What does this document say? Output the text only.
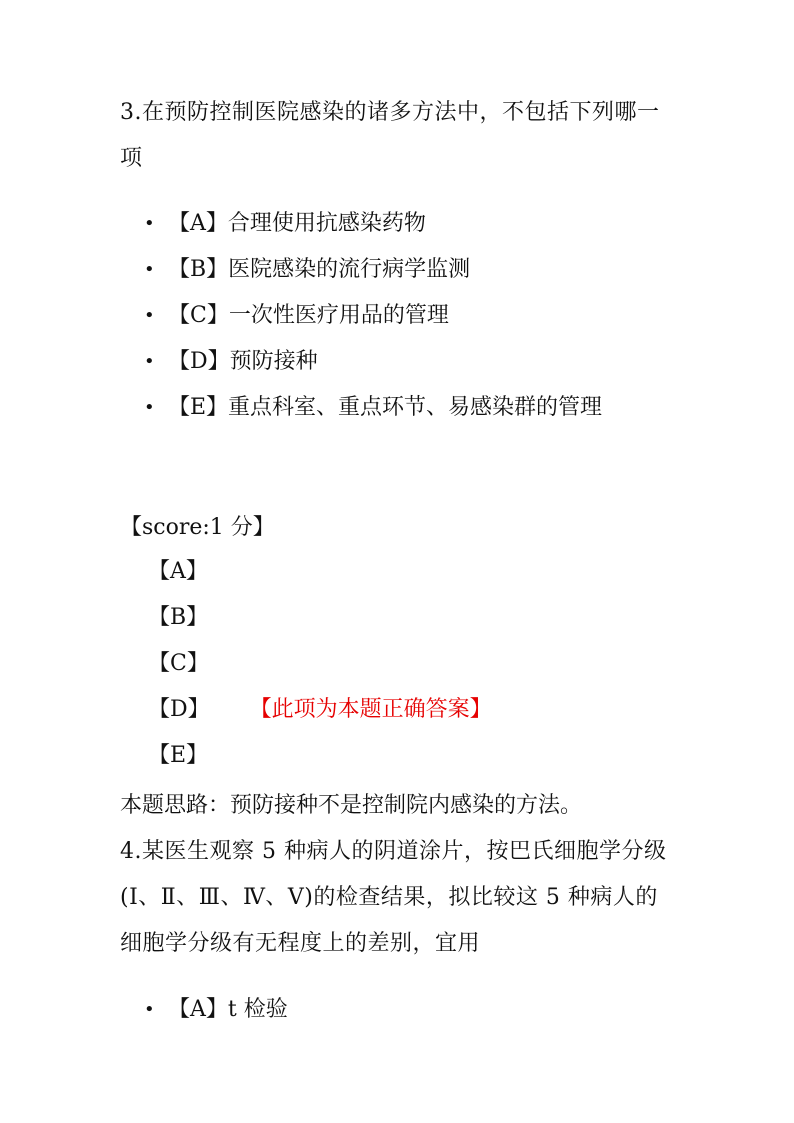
3.在预防控制医院感染的诸多方法中，不包括下列哪一项
• 【A】合理使用抗感染药物
• 【B】医院感染的流行病学监测
• 【C】一次性医疗用品的管理
• 【D】预防接种
• 【E】重点科室、重点环节、易感染群的管理
【score:1 分】
【A】
【B】
【C】
【D】 【此项为本题正确答案】
【E】
本题思路：预防接种不是控制院内感染的方法。
4.某医生观察 5 种病人的阴道涂片，按巴氏细胞学分级(Ⅰ、Ⅱ、Ⅲ、Ⅳ、Ⅴ)的检查结果，拟比较这 5 种病人的细胞学分级有无程度上的差别，宜用
• 【A】t 检验
